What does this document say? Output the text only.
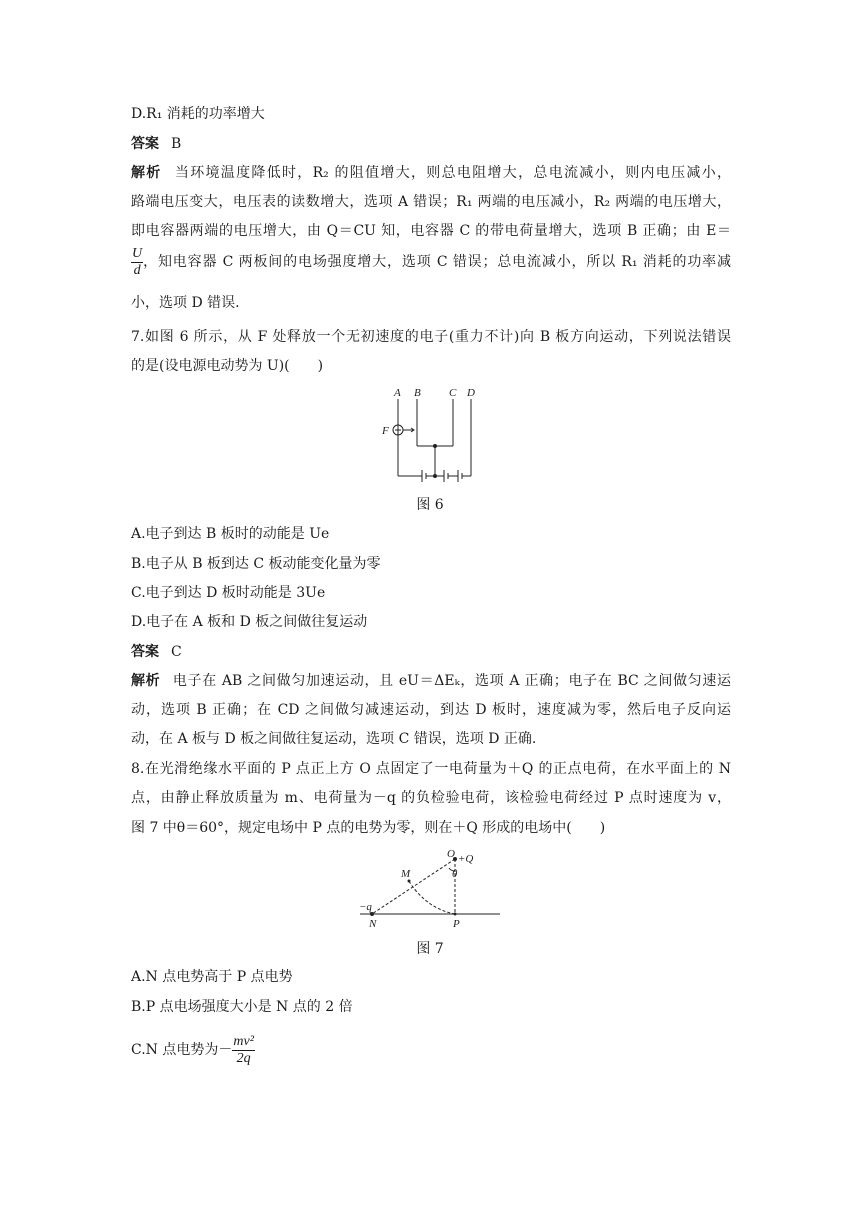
D.R₁ 消耗的功率增大
答案 B
解析 当环境温度降低时，R₂ 的阻值增大，则总电阻增大，总电流减小，则内电压减小，
路端电压变大，电压表的读数增大，选项 A 错误；R₁ 两端的电压减小，R₂ 两端的电压增大，
即电容器两端的电压增大，由 Q＝CU 知，电容器 C 的带电荷量增大，选项 B 正确；由 E＝
$\frac{U}{d}$ ，知电容器 C 两板间的电场强度增大，选项 C 错误；总电流减小，所以 R₁ 消耗的功率减
小，选项 D 错误.
7.如图 6 所示，从 F 处释放一个无初速度的电子(重力不计)向 B 板方向运动，下列说法错误
的是(设电源电动势为 U)(　　)
A B	C D
F
图 6
A.电子到达 B 板时的动能是 Ue
B.电子从 B 板到达 C 板动能变化量为零
C.电子到达 D 板时动能是 3Ue
D.电子在 A 板和 D 板之间做往复运动
答案 C
解析 电子在 AB 之间做匀加速运动，且 eU＝ΔEₖ，选项 A 正确；电子在 BC 之间做匀速运
动，选项 B 正确；在 CD 之间做匀减速运动，到达 D 板时，速度减为零，然后电子反向运
动，在 A 板与 D 板之间做往复运动，选项 C 错误，选项 D 正确.
8.在光滑绝缘水平面的 P 点正上方 O 点固定了一电荷量为＋Q 的正点电荷，在水平面上的 N
点，由静止释放质量为 m、电荷量为－q 的负检验电荷，该检验电荷经过 P 点时速度为 v，
图 7 中θ＝60°，规定电场中 P 点的电势为零，则在＋Q 形成的电场中(　　)
O +Q
θ
M
−q
N	P
图 7
A.N 点电势高于 P 点电势
B.P 点电场强度大小是 N 点的 2 倍
C.N 点电势为－ $\frac{\text{mv²}}{2q}$
